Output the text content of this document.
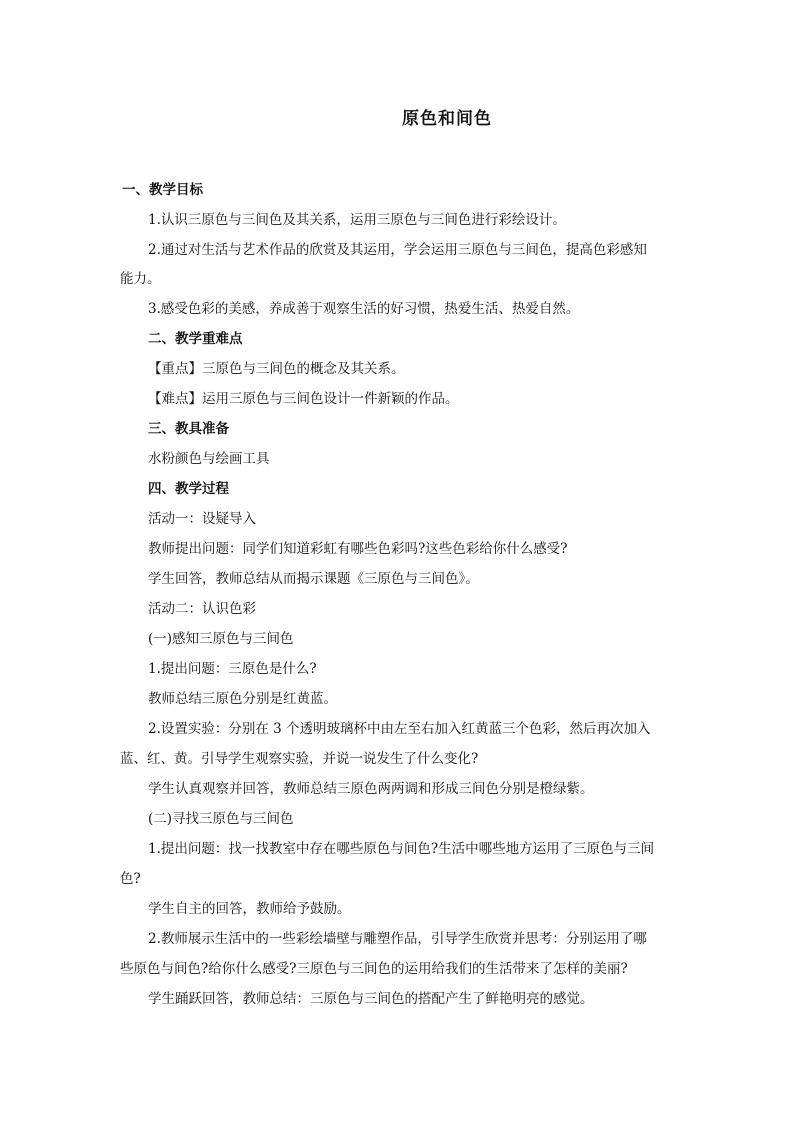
原色和间色
一、教学目标
1.认识三原色与三间色及其关系，运用三原色与三间色进行彩绘设计。
2.通过对生活与艺术作品的欣赏及其运用，学会运用三原色与三间色，提高色彩感知
能力。
3.感受色彩的美感，养成善于观察生活的好习惯，热爱生活、热爱自然。
二、教学重难点
【重点】三原色与三间色的概念及其关系。
【难点】运用三原色与三间色设计一件新颖的作品。
三、教具准备
水粉颜色与绘画工具
四、教学过程
活动一：设疑导入
教师提出问题：同学们知道彩虹有哪些色彩吗?这些色彩给你什么感受?
学生回答，教师总结从而揭示课题《三原色与三间色》。
活动二：认识色彩
(一)感知三原色与三间色
1.提出问题：三原色是什么?
教师总结三原色分别是红黄蓝。
2.设置实验：分别在 3 个透明玻璃杯中由左至右加入红黄蓝三个色彩，然后再次加入
蓝、红、黄。引导学生观察实验，并说一说发生了什么变化?
学生认真观察并回答，教师总结三原色两两调和形成三间色分别是橙绿紫。
(二)寻找三原色与三间色
1.提出问题：找一找教室中存在哪些原色与间色?生活中哪些地方运用了三原色与三间
色?
学生自主的回答，教师给予鼓励。
2.教师展示生活中的一些彩绘墙壁与雕塑作品，引导学生欣赏并思考：分别运用了哪
些原色与间色?给你什么感受?三原色与三间色的运用给我们的生活带来了怎样的美丽?
学生踊跃回答，教师总结：三原色与三间色的搭配产生了鲜艳明亮的感觉。
